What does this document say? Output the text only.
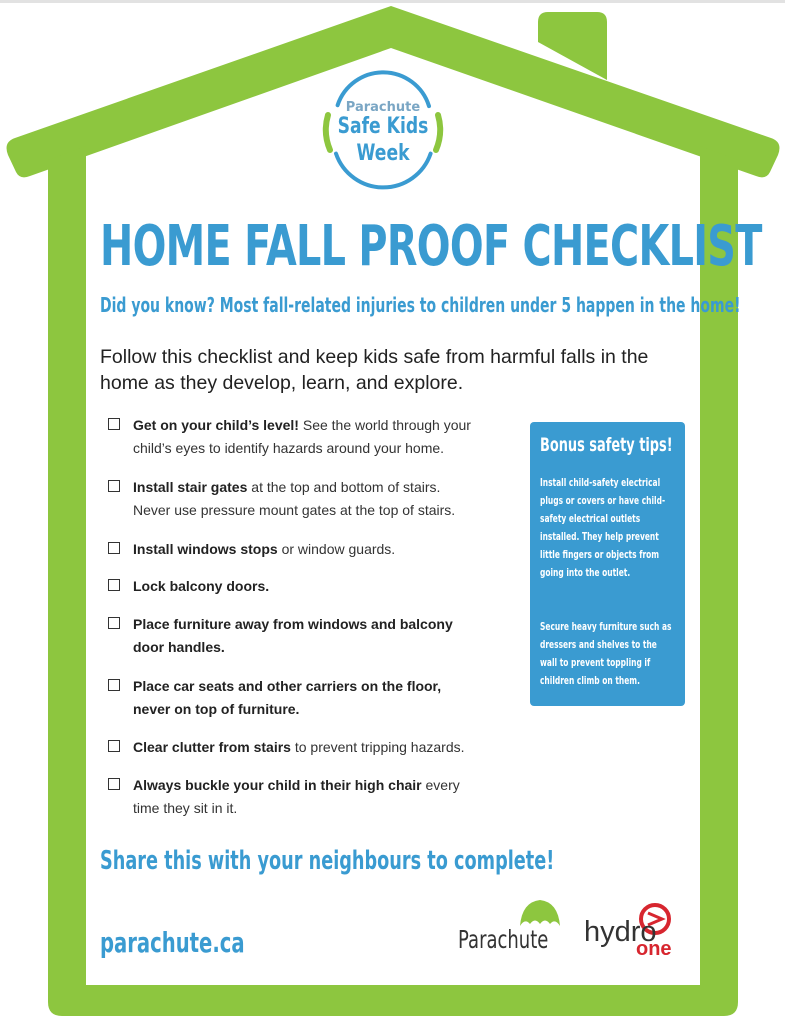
Parachute
Safe Kids
Week
HOME FALL PROOF CHECKLIST
Did you know? Most fall-related injuries to children under 5 happen in the home!
Follow this checklist and keep kids safe from harmful falls in the home as they develop, learn, and explore.
Get on your child’s level! See the world through your
child’s eyes to identify hazards around your home.
Install stair gates at the top and bottom of stairs.
Never use pressure mount gates at the top of stairs.
Install windows stops or window guards.
Lock balcony doors.
Place furniture away from windows and balcony
door handles.
Place car seats and other carriers on the floor,
never on top of furniture.
Clear clutter from stairs to prevent tripping hazards.
Always buckle your child in their high chair every
time they sit in it.
Bonus safety tips!
Install child-safety electrical plugs or covers or have child-safety electrical outlets installed. They help prevent little fingers or objects from going into the outlet.
Secure heavy furniture such as dressers and shelves to the wall to prevent toppling if children climb on them.
Share this with your neighbours to complete!
parachute.ca	Parachute hydro
one
